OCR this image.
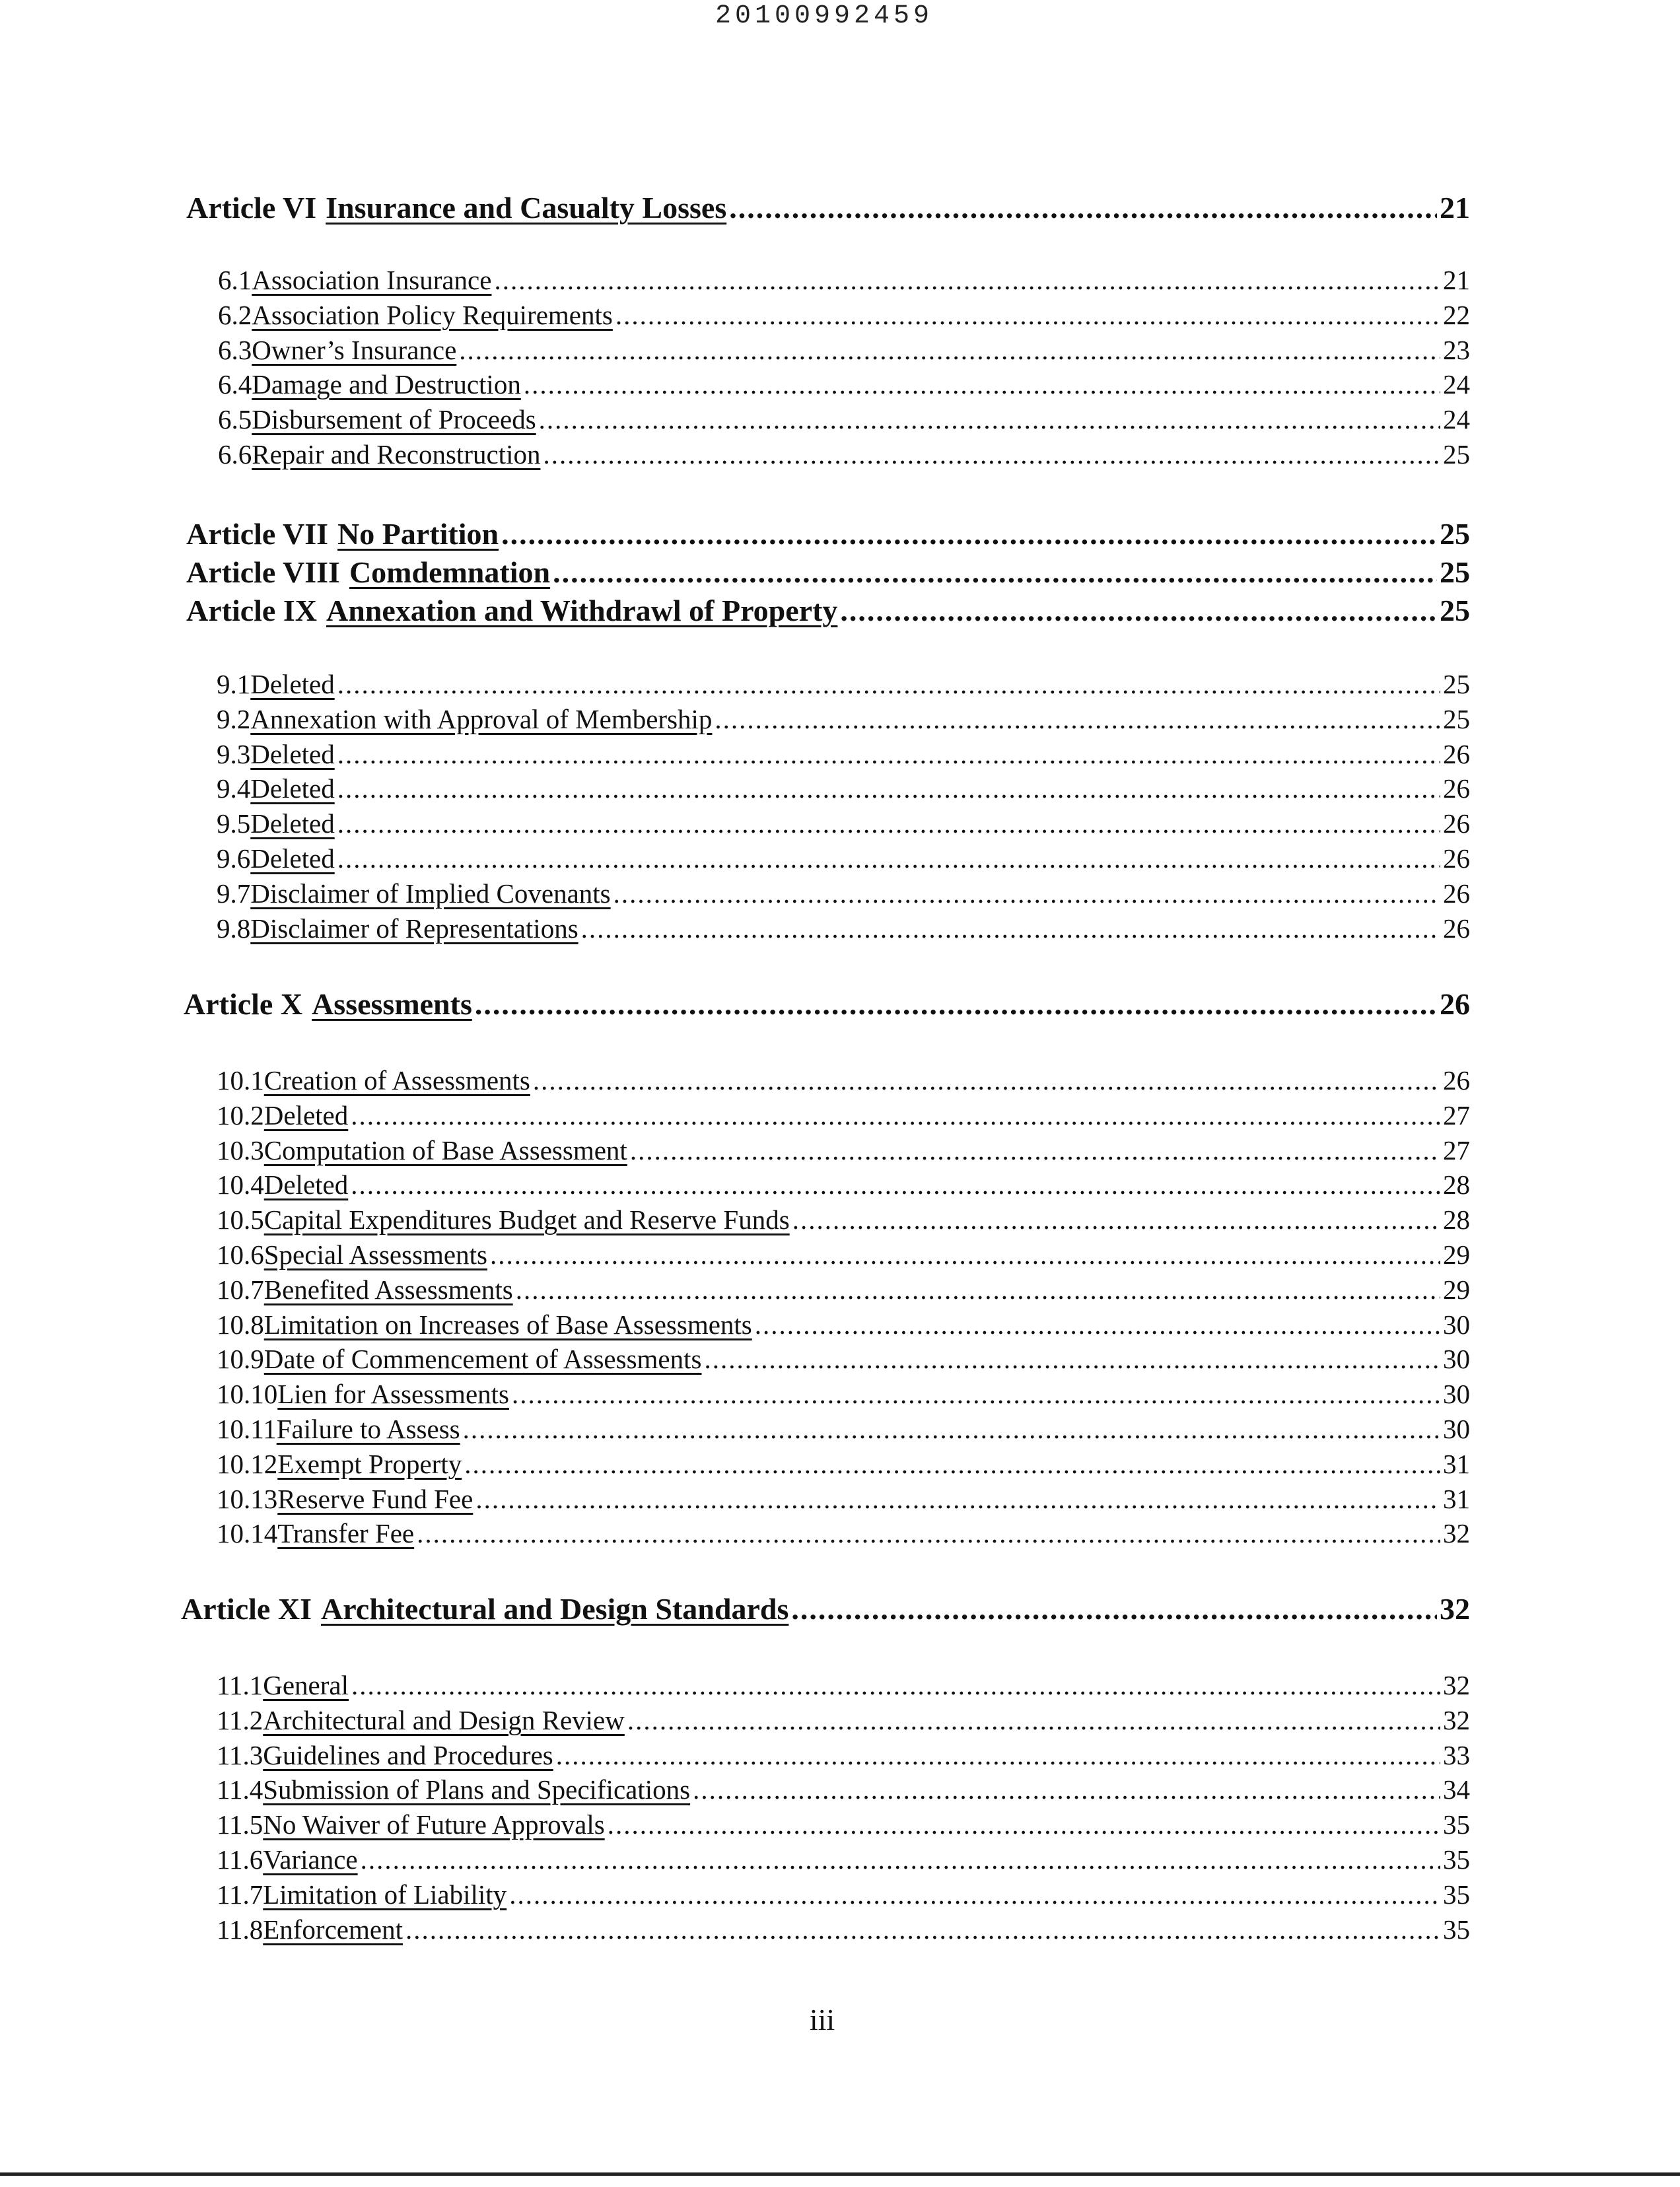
20100992459
Article VI Insurance and Casualty Losses .....	21
6.1 Association Insurance .....	21
6.2 Association Policy Requirements .....	22
6.3 Owner’s Insurance .....	23
6.4 Damage and Destruction .....	24
6.5 Disbursement of Proceeds .....	24
6.6 Repair and Reconstruction .....	25
Article VII No Partition .....	25
Article VIII Comdemnation .....	25
Article IX Annexation and Withdrawl of Property .....	25
9.1 Deleted .....	25
9.2 Annexation with Approval of Membership .....	25
9.3 Deleted .....	26
9.4 Deleted .....	26
9.5 Deleted .....	26
9.6 Deleted .....	26
9.7 Disclaimer of Implied Covenants .....	26
9.8 Disclaimer of Representations .....	26
Article X Assessments .....	26
10.1 Creation of Assessments .....	26
10.2 Deleted .....	27
10.3 Computation of Base Assessment .....	27
10.4 Deleted .....	28
10.5 Capital Expenditures Budget and Reserve Funds .....	28
10.6 Special Assessments .....	29
10.7 Benefited Assessments .....	29
10.8 Limitation on Increases of Base Assessments .....	30
10.9 Date of Commencement of Assessments .....	30
10.10 Lien for Assessments .....	30
10.11 Failure to Assess .....	30
10.12 Exempt Property .....	31
10.13 Reserve Fund Fee .....	31
10.14 Transfer Fee .....	32
Article XI Architectural and Design Standards .....	32
11.1 General .....	32
11.2 Architectural and Design Review .....	32
11.3 Guidelines and Procedures .....	33
11.4 Submission of Plans and Specifications .....	34
11.5 No Waiver of Future Approvals .....	35
11.6 Variance .....	35
11.7 Limitation of Liability .....	35
11.8 Enforcement .....	35
iii
